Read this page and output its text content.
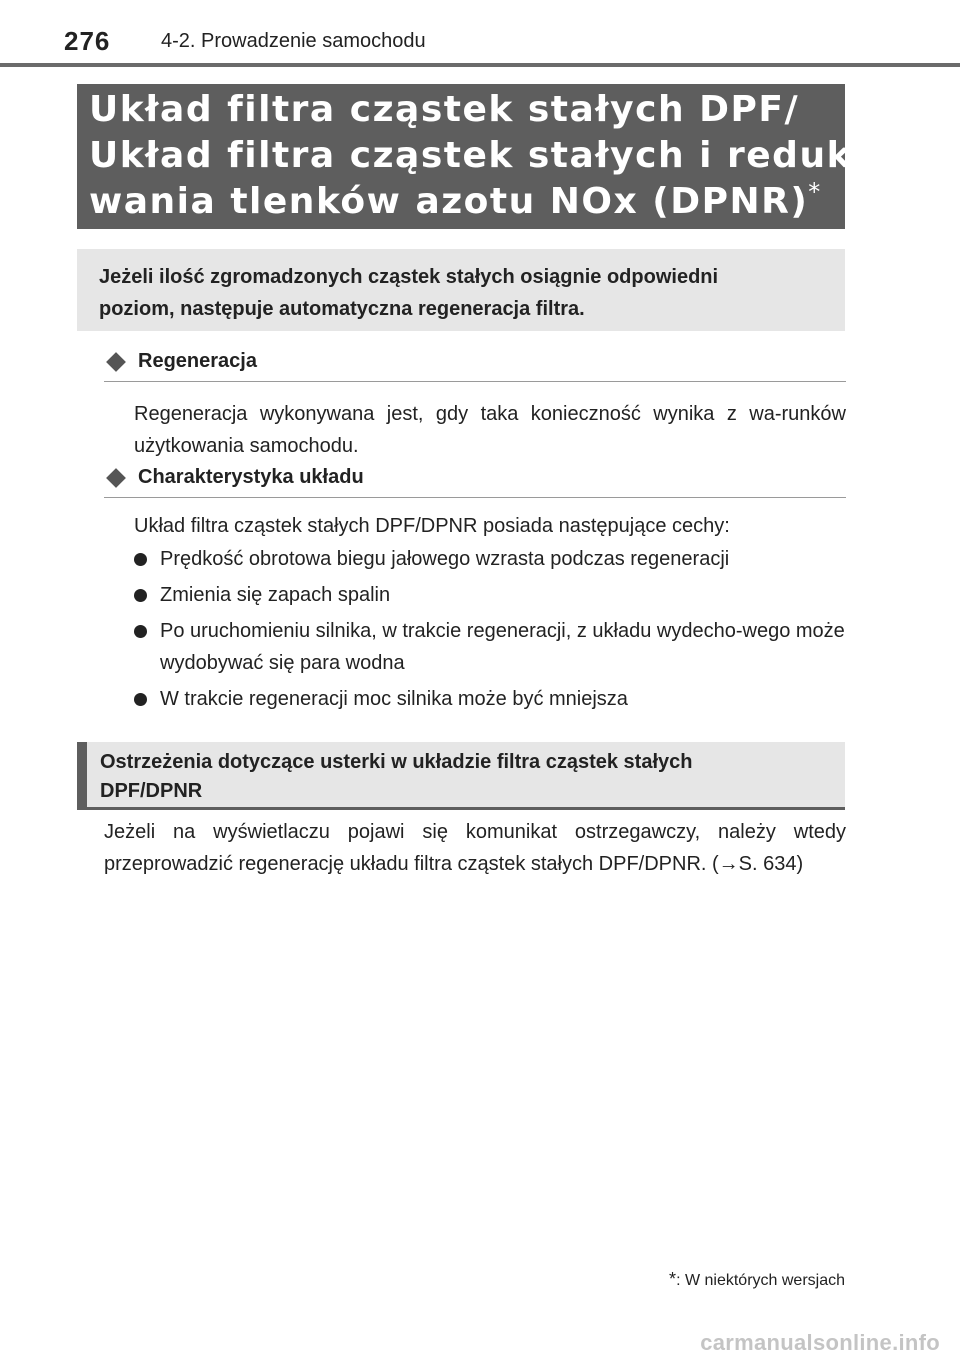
276	4-2. Prowadzenie samochodu
Układ filtra cząstek stałych DPF/
Układ filtra cząstek stałych i reduko-
wania tlenków azotu NOx (DPNR)*
Jeżeli ilość zgromadzonych cząstek stałych osiągnie odpowiedni
poziom, następuje automatyczna regeneracja filtra.
Regeneracja
Regeneracja wykonywana jest, gdy taka konieczność wynika z wa-runków użytkowania samochodu.
Charakterystyka układu
Układ filtra cząstek stałych DPF/DPNR posiada następujące cechy:
Prędkość obrotowa biegu jałowego wzrasta podczas regeneracji
Zmienia się zapach spalin
Po uruchomieniu silnika, w trakcie regeneracji, z układu wydecho-wego może wydobywać się para wodna
W trakcie regeneracji moc silnika może być mniejsza
Ostrzeżenia dotyczące usterki w układzie filtra cząstek stałych
DPF/DPNR
Jeżeli na wyświetlaczu pojawi się komunikat ostrzegawczy, należy wtedy przeprowadzić regenerację układu filtra cząstek stałych DPF/DPNR. (→S. 634)
*: W niektórych wersjach
carmanualsonline.info
